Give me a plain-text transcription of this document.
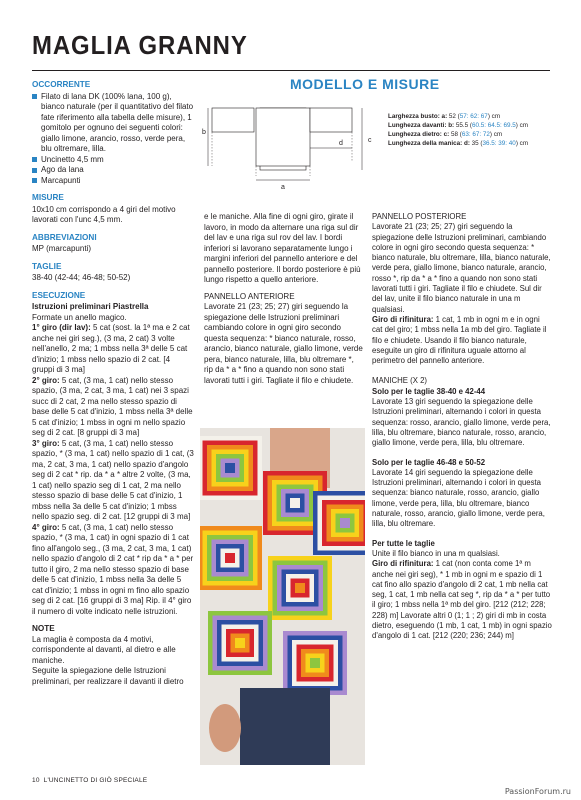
MAGLIA GRANNY
OCCORRENTE
Filato di lana DK (100% lana, 100 g), bianco naturale (per il quantitativo del filato fate riferimento alla tabella delle misure), 1 gomitolo per ognuno dei seguenti colori: giallo limone, arancio, rosso, verde pera, blu oltremare, lilla.
Uncinetto 4,5 mm
Ago da lana
Marcapunti
MISURE
10x10 cm corrispondo a 4 giri del motivo lavorati con l'unc 4,5 mm.
ABBREVIAZIONI
MP (marcapunti)
TAGLIE
38-40 (42-44; 46-48; 50-52)
ESECUZIONE
Istruzioni preliminari Piastrella
Formate un anello magico.
1° giro (dir lav): 5 cat (sost. la 1ª ma e 2 cat anche nei giri seg.), (3 ma, 2 cat) 3 volte nell'anello, 2 ma; 1 mbss nella 3ª delle 5 cat d'inizio; 1 mbss nello spazio di 2 cat. [4 gruppi di 3 ma]
2° giro: 5 cat, (3 ma, 1 cat) nello stesso spazio, (3 ma, 2 cat, 3 ma, 1 cat) nei 3 spazi succ di 2 cat, 2 ma nello stesso spazio di base delle 5 cat d'inizio, 1 mbss nella 3ª delle 5 cat d'inizio; 1 mbss in ogni m nello spazio seg di 2 cat. [8 gruppi di 3 ma]
3° giro: 5 cat, (3 ma, 1 cat) nello stesso spazio, * (3 ma, 1 cat) nello spazio di 1 cat, (3 ma, 2 cat, 3 ma, 1 cat) nello spazio d'angolo seg di 2 cat * rip. da * a * altre 2 volte, (3 ma, 1 cat) nello spazio seg di 1 cat, 2 ma nello stesso spazio di base delle 5 cat d'inizio, 1 mbss nella 3a delle 5 cat d'inizio; 1 mbss nello spazio seg. di 2 cat. [12 gruppi di 3 ma]
4° giro: 5 cat, (3 ma, 1 cat) nello stesso spazio, * (3 ma, 1 cat) in ogni spazio di 1 cat fino all'angolo seg., (3 ma, 2 cat, 3 ma, 1 cat) nello spazio d'angolo di 2 cat * rip da * a * per tutto il giro, 2 ma nello stesso spazio di base delle 5 cat d'inizio, 1 mbss nella 3a delle 5 cat d'inizio; 1 mbss in ogni m fino allo spazio seg di 2 cat. [16 gruppi di 3 ma] Rip. il 4° giro il numero di volte indicato nelle istruzioni.
NOTE
La maglia è composta da 4 motivi, corrispondente al davanti, al dietro e alle maniche.
Seguite la spiegazione delle Istruzioni preliminari, per realizzare il davanti il dietro
MODELLO E MISURE
b
a
d	c
Larghezza busto: a: 52 (57: 62: 67) cm
Lunghezza davanti: b: 55.5 (60.5: 64.5: 69.5) cm
Lunghezza dietro: c: 58 (63: 67: 72) cm
Lunghezza della manica: d: 35 (36.5: 39: 40) cm
e le maniche. Alla fine di ogni giro, girate il lavoro, in modo da alternare una riga sul dir del lav e una riga sul rov del lav. I bordi inferiori si lavorano separatamente lungo i margini inferiori del pannello anteriore e del pannello posteriore. Il bordo posteriore è più lungo rispetto a quello anteriore.
PANNELLO ANTERIORE
Lavorate 21 (23; 25; 27) giri seguendo la spiegazione delle Istruzioni preliminari cambiando colore in ogni giro secondo questa sequenza: * bianco naturale, rosso, arancio, bianco naturale, giallo limone, verde pera, bianco naturale, lilla, blu oltremare *, rip da * a * fino a quando non sono stati lavorati tutti i giri. Tagliate il filo e chiudete.
PANNELLO POSTERIORE
Lavorate 21 (23; 25; 27) giri seguendo la spiegazione delle Istruzioni preliminari, cambiando colore in ogni giro secondo questa sequenza: * bianco naturale, blu oltremare, lilla, bianco naturale, verde pera, giallo limone, bianco naturale, arancio, rosso *, rip da * a * fino a quando non sono stati lavorati tutti i giri. Tagliate il filo e chiudete. Sul dir del lav, unite il filo bianco naturale in una m qualsiasi.
Giro di rifinitura: 1 cat, 1 mb in ogni m e in ogni cat del giro; 1 mbss nella 1a mb del giro. Tagliate il filo e chiudete. Usando il filo bianco naturale, eseguite un giro di rifinitura uguale attorno al perimetro del pannello anteriore.
MANICHE (X 2)
Solo per le taglie 38-40 e 42-44
Lavorate 13 giri seguendo la spiegazione delle Istruzioni preliminari, alternando i colori in questa sequenza: rosso, arancio, giallo limone, verde pera, lilla, blu oltremare, bianco naturale, rosso, arancio, giallo limone, verde pera, lilla, blu oltremare.
Solo per le taglie 46-48 e 50-52
Lavorate 14 giri seguendo la spiegazione delle Istruzioni preliminari, alternando i colori in questa sequenza: bianco naturale, rosso, arancio, giallo limone, verde pera, lilla, blu oltremare, bianco naturale, rosso, arancio, giallo limone, verde pera, lilla, blu oltremare.
Per tutte le taglie
Unite il filo bianco in una m qualsiasi.
Giro di rifinitura: 1 cat (non conta come 1ª m anche nei giri seg), * 1 mb in ogni m e spazio di 1 cat fino allo spazio d'angolo di 2 cat, 1 mb nella cat seg, 1 cat, 1 mb nella cat seg *, rip da * a * per tutto il giro; 1 mbss nella 1ª mb del giro. [212 (212; 228; 228) m] Lavorate altri 0 (1; 1 ; 2) giri di mb in costa dietro, eseguendo (1 mb, 1 cat, 1 mb) in ogni spazio d'angolo di 1 cat. [212 (220; 236; 244) m]
10 L'UNCINETTO DI GIÒ SPECIALE
PassionForum.ru
